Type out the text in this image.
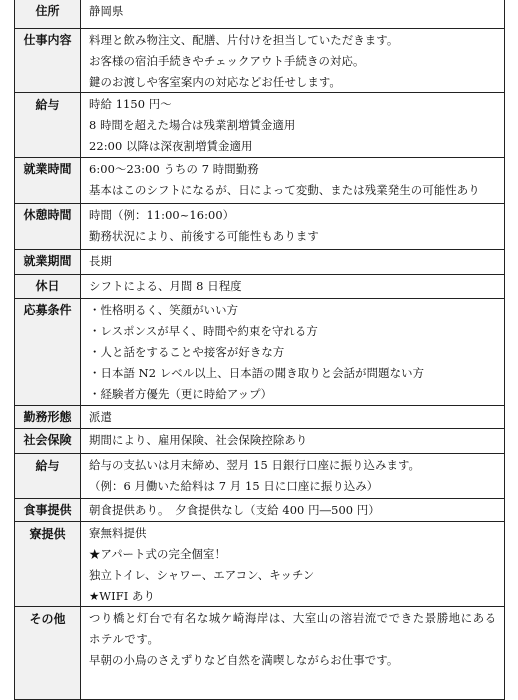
住所	静岡県
仕事内容	料理と飲み物注文、配膳、片付けを担当していただきます。
お客様の宿泊手続きやチェックアウト手続きの対応。
鍵のお渡しや客室案内の対応などお任せします。
給与	時給 1150 円～
8 時間を超えた場合は残業割増賃金適用
22:00 以降は深夜割増賃金適用
就業時間	6:00～23:00 うちの 7 時間勤務
基本はこのシフトになるが、日によって変動、または残業発生の可能性あり
休憩時間	時間（例：11:00~16:00）
勤務状況により、前後する可能性もあります
就業期間	長期
休日	シフトによる、月間 8 日程度
応募条件	・性格明るく、笑顔がいい方
・レスポンスが早く、時間や約束を守れる方
・人と話をすることや接客が好きな方
・日本語 N2 レベル以上、日本語の聞き取りと会話が問題ない方
・経験者方優先（更に時給アップ）
勤務形態	派遣
社会保険	期間により、雇用保険、社会保険控除あり
給与	給与の支払いは月末締め、翌月 15 日銀行口座に振り込みます。
（例：6 月働いた給料は 7 月 15 日に口座に振り込み）
食事提供	朝食提供あり。　夕食提供なし（支給 400 円―500 円）
寮提供	寮無料提供
★アパート式の完全個室！
独立トイレ、シャワー、エアコン、キッチン
★WIFI あり
その他	つり橋と灯台で有名な城ケ崎海岸は、大室山の溶岩流でできた景勝地にあるホテルです。
早朝の小鳥のさえずりなど自然を満喫しながらお仕事です。
